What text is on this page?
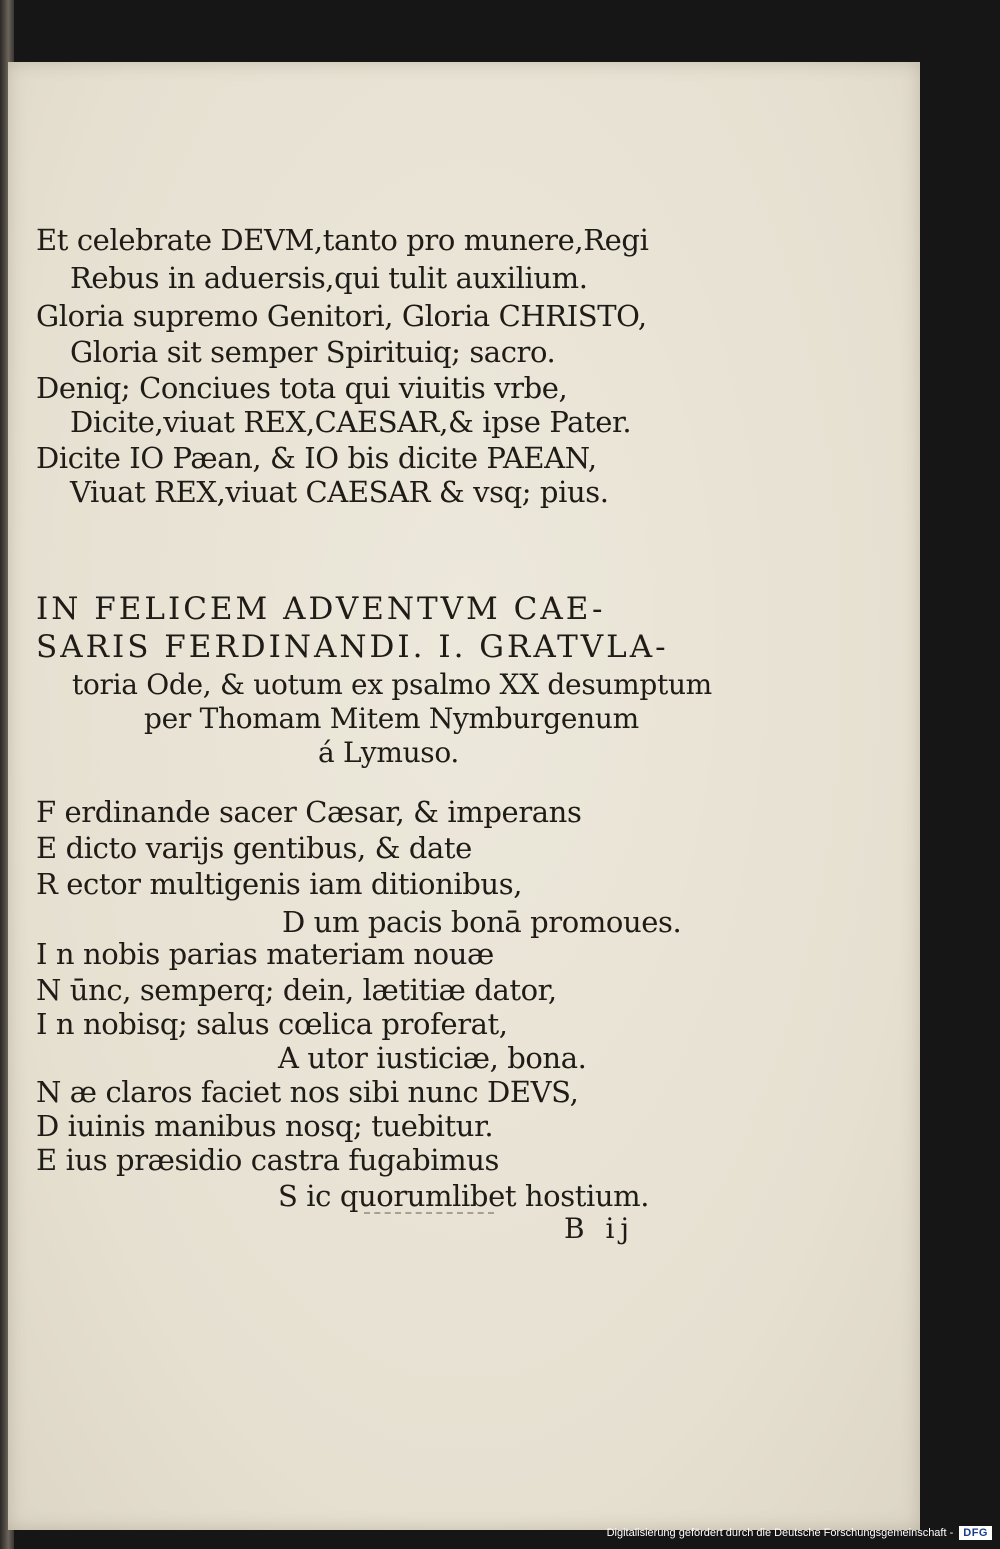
Et celebrate DEVM,tanto pro munere,Regi
Rebus in aduersis,qui tulit auxilium.
Gloria supremo Genitori, Gloria CHRISTO,
Gloria sit semper Spirituiq; sacro.
Deniq; Conciues tota qui viuitis vrbe,
Dicite,viuat REX,CAESAR,& ipse Pater.
Dicite IO Pæan, & IO bis dicite PAEAN,
Viuat REX,viuat CAESAR & vsq; pius.
IN FELICEM ADVENTVM CAE-
SARIS FERDINANDI. I. GRATVLA-
toria Ode, & uotum ex psalmo XX desumptum
per Thomam Mitem Nymburgenum
á Lymuso.
F erdinande sacer Cæsar, & imperans
E dicto varijs gentibus, & date
R ector multigenis iam ditionibus,
D um pacis bonā promoues.
I n nobis parias materiam nouæ
N ūnc, semperq; dein, lætitiæ dator,
I n nobisq; salus cœlica proferat,
A utor iusticiæ, bona.
N æ claros faciet nos sibi nunc DEVS,
D iuinis manibus nosq; tuebitur.
E ius præsidio castra fugabimus
S ic quorumlibet hostium.
B ij
Digitalisierung gefördert durch die Deutsche Forschungsgemeinschaft - DFG
